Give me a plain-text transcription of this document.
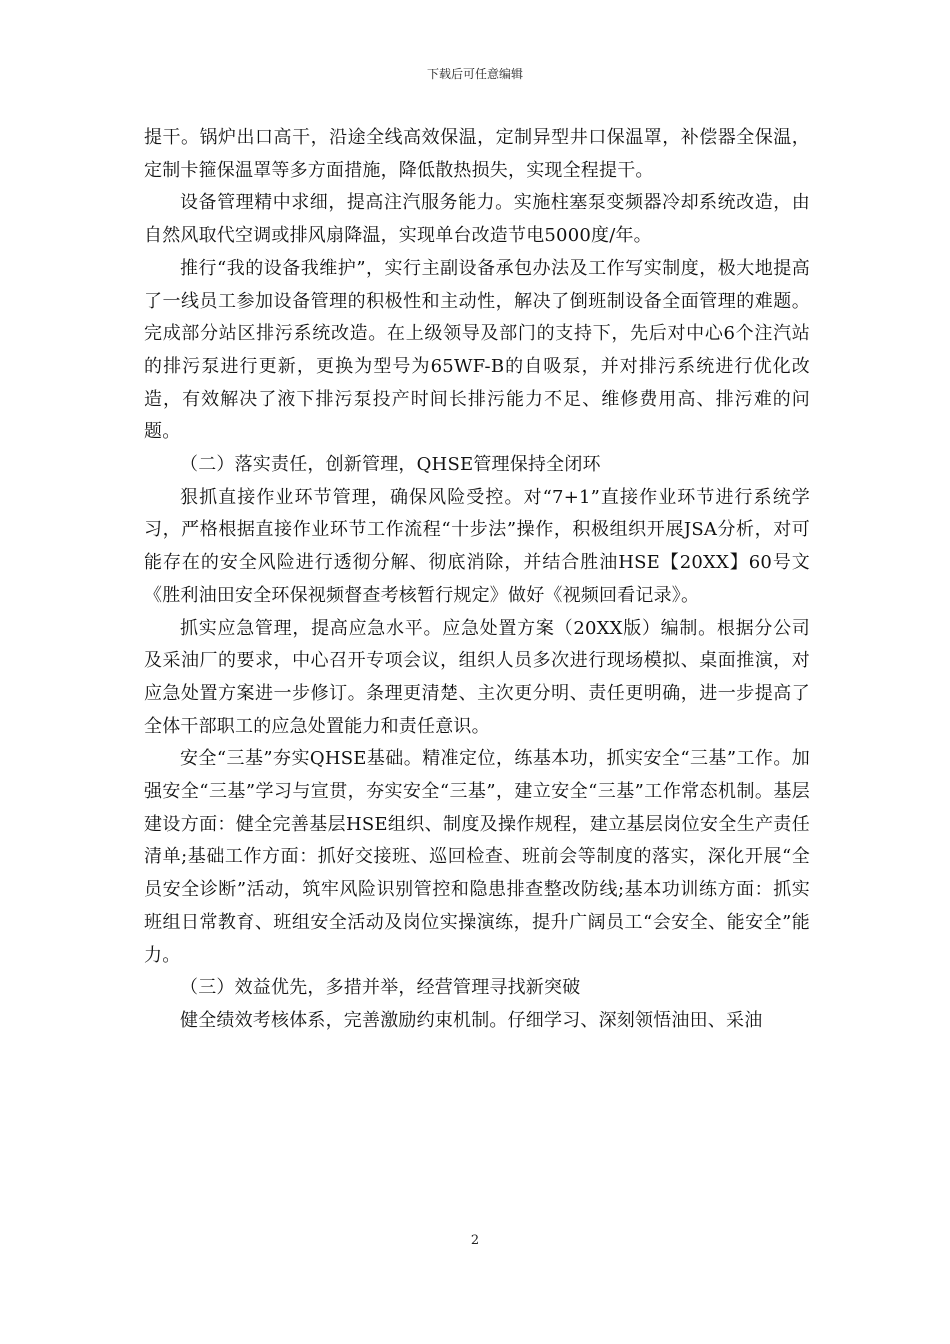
下载后可任意编辑

提干。锅炉出口高干，沿途全线高效保温，定制异型井口保温罩，补偿器全保温，定制卡箍保温罩等多方面措施，降低散热损失，实现全程提干。

设备管理精中求细，提高注汽服务能力。实施柱塞泵变频器冷却系统改造，由自然风取代空调或排风扇降温，实现单台改造节电5000度/年。

推行“我的设备我维护”，实行主副设备承包办法及工作写实制度，极大地提高了一线员工参加设备管理的积极性和主动性，解决了倒班制设备全面管理的难题。完成部分站区排污系统改造。在上级领导及部门的支持下，先后对中心6个注汽站的排污泵进行更新，更换为型号为65WF-B的自吸泵，并对排污系统进行优化改造，有效解决了液下排污泵投产时间长排污能力不足、维修费用高、排污难的问题。

（二）落实责任，创新管理，QHSE管理保持全闭环

狠抓直接作业环节管理，确保风险受控。对“7+1”直接作业环节进行系统学习，严格根据直接作业环节工作流程“十步法”操作，积极组织开展JSA分析，对可能存在的安全风险进行透彻分解、彻底消除，并结合胜油HSE【20XX】60号文《胜利油田安全环保视频督查考核暂行规定》做好《视频回看记录》。

抓实应急管理，提高应急水平。应急处置方案（20XX版）编制。根据分公司及采油厂的要求，中心召开专项会议，组织人员多次进行现场模拟、桌面推演，对应急处置方案进一步修订。条理更清楚、主次更分明、责任更明确，进一步提高了全体干部职工的应急处置能力和责任意识。

安全“三基”夯实QHSE基础。精准定位，练基本功，抓实安全“三基”工作。加强安全“三基”学习与宣贯，夯实安全“三基”，建立安全“三基”工作常态机制。基层建设方面：健全完善基层HSE组织、制度及操作规程，建立基层岗位安全生产责任清单;基础工作方面：抓好交接班、巡回检查、班前会等制度的落实，深化开展“全员安全诊断”活动，筑牢风险识别管控和隐患排查整改防线;基本功训练方面：抓实班组日常教育、班组安全活动及岗位实操演练，提升广阔员工“会安全、能安全”能力。

（三）效益优先，多措并举，经营管理寻找新突破

健全绩效考核体系，完善激励约束机制。仔细学习、深刻领悟油田、采油

2
